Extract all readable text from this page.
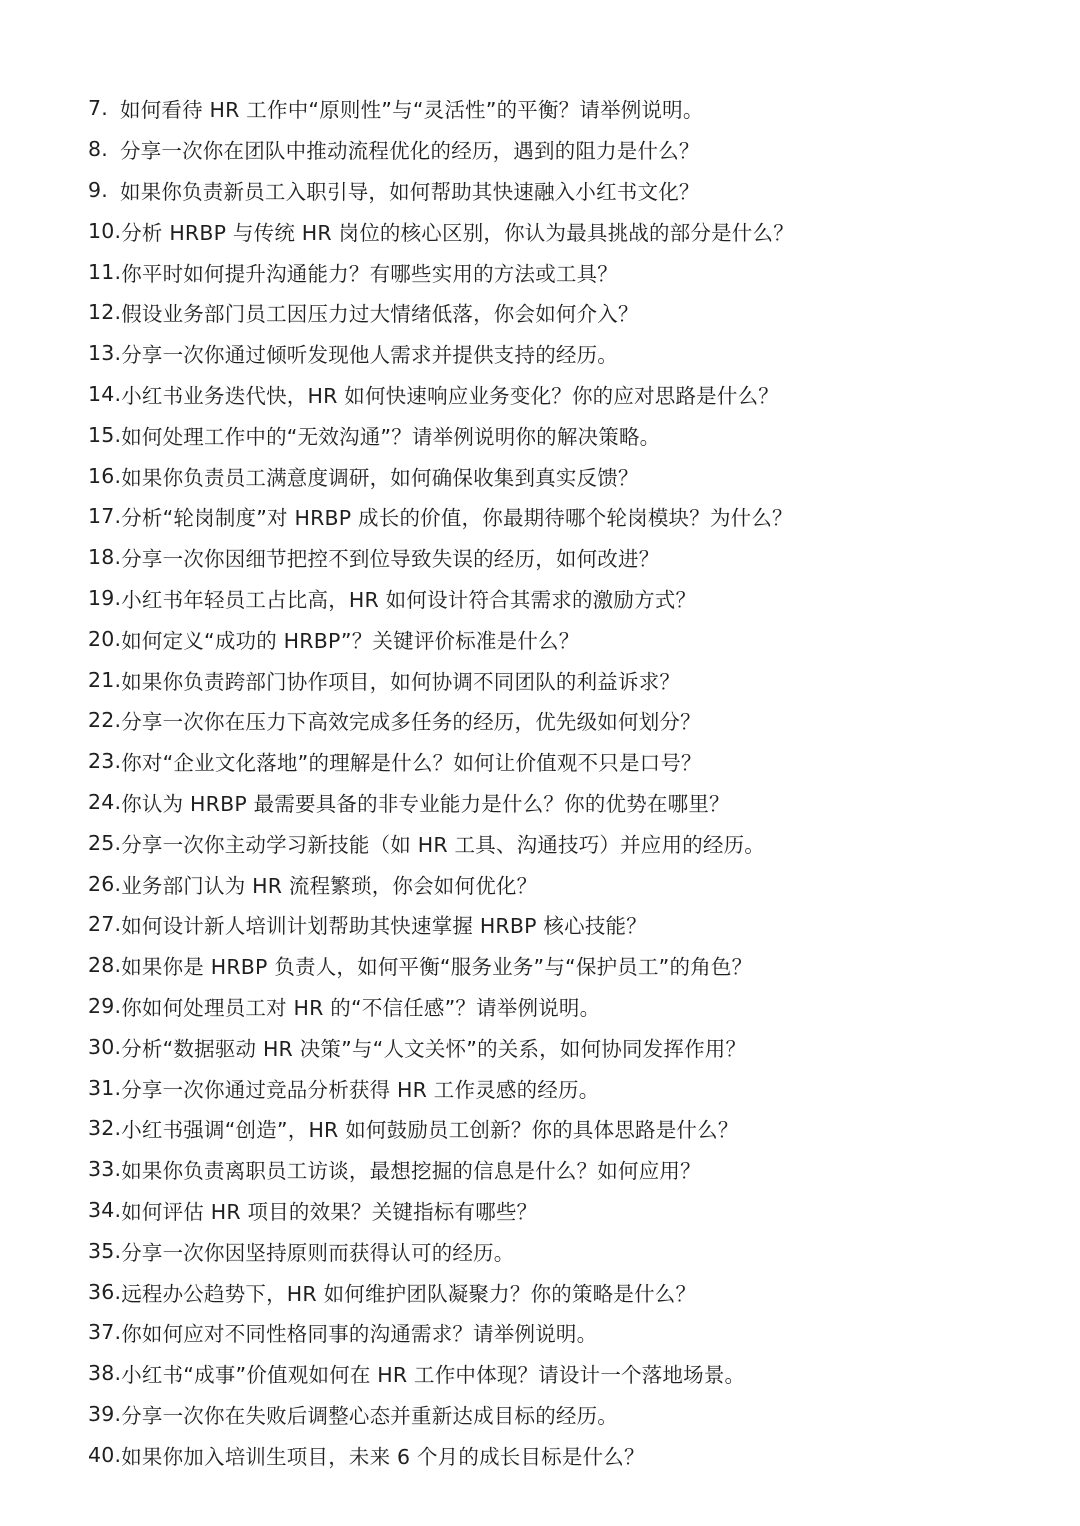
7. 如何看待 HR 工作中“原则性”与“灵活性”的平衡？请举例说明。
8. 分享一次你在团队中推动流程优化的经历，遇到的阻力是什么？
9. 如果你负责新员工入职引导，如何帮助其快速融入小红书文化？
10. 分析 HRBP 与传统 HR 岗位的核心区别，你认为最具挑战的部分是什么？
11. 你平时如何提升沟通能力？有哪些实用的方法或工具？
12. 假设业务部门员工因压力过大情绪低落，你会如何介入？
13. 分享一次你通过倾听发现他人需求并提供支持的经历。
14. 小红书业务迭代快，HR 如何快速响应业务变化？你的应对思路是什么？
15. 如何处理工作中的“无效沟通”？请举例说明你的解决策略。
16. 如果你负责员工满意度调研，如何确保收集到真实反馈？
17. 分析“轮岗制度”对 HRBP 成长的价值，你最期待哪个轮岗模块？为什么？
18. 分享一次你因细节把控不到位导致失误的经历，如何改进？
19. 小红书年轻员工占比高，HR 如何设计符合其需求的激励方式？
20. 如何定义“成功的 HRBP”？关键评价标准是什么？
21. 如果你负责跨部门协作项目，如何协调不同团队的利益诉求？
22. 分享一次你在压力下高效完成多任务的经历，优先级如何划分？
23. 你对“企业文化落地”的理解是什么？如何让价值观不只是口号？
24. 你认为 HRBP 最需要具备的非专业能力是什么？你的优势在哪里？
25. 分享一次你主动学习新技能（如 HR 工具、沟通技巧）并应用的经历。
26. 业务部门认为 HR 流程繁琐，你会如何优化？
27. 如何设计新人培训计划帮助其快速掌握 HRBP 核心技能？
28. 如果你是 HRBP 负责人，如何平衡“服务业务”与“保护员工”的角色？
29. 你如何处理员工对 HR 的“不信任感”？请举例说明。
30. 分析“数据驱动 HR 决策”与“人文关怀”的关系，如何协同发挥作用？
31. 分享一次你通过竞品分析获得 HR 工作灵感的经历。
32. 小红书强调“创造”，HR 如何鼓励员工创新？你的具体思路是什么？
33. 如果你负责离职员工访谈，最想挖掘的信息是什么？如何应用？
34. 如何评估 HR 项目的效果？关键指标有哪些？
35. 分享一次你因坚持原则而获得认可的经历。
36. 远程办公趋势下，HR 如何维护团队凝聚力？你的策略是什么？
37. 你如何应对不同性格同事的沟通需求？请举例说明。
38. 小红书“成事”价值观如何在 HR 工作中体现？请设计一个落地场景。
39. 分享一次你在失败后调整心态并重新达成目标的经历。
40. 如果你加入培训生项目，未来 6 个月的成长目标是什么？
